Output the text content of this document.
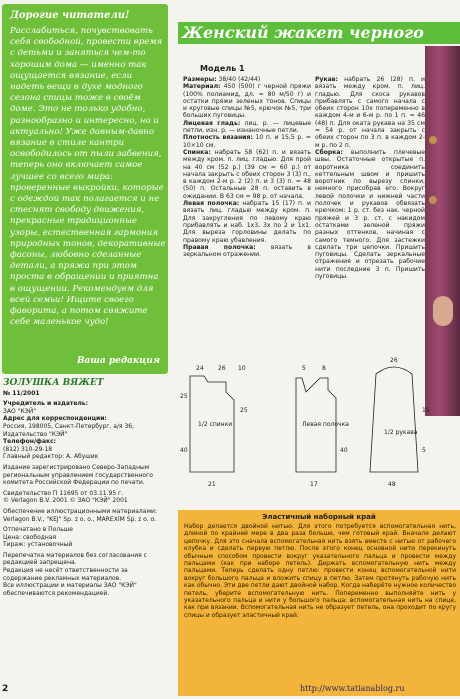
Дорогие читатели!
Расслабиться, почувствовать себя свободной, провести время с детьми и заняться чем-то хорошим дома — именно так ощущается вязание, если надеть вещи в духе модного сезона спицы тоже в своём доме. Это не только удобно, разнообразно и интересно, но и актуально! Уже давным-давно вязание в стиле кантри освободилось от пыли забвения, теперь оно включает самое лучшее со всего мира: проверенные выкройки, которые с одеждой так полагается и не стеснят свободу движения, прекрасные традиционные узоры, естественная гармония природных тонов, декоративные фасоны, любовно сделанные детали, а пряжа при этом проста в обращении и приятна в ощущении. Рекомендуем для всей семьи! Ищите своего фаворита, а потом свяжите себе маленькое чудо!
Ваша редакция
ЗОЛУШКА ВЯЖЕТ
№ 11/2001
Учредитель и издатель:
ЗАО "КЭЙ"
Адрес для корреспонденции:
Россия, 198005, Санкт-Петербург, а/я 36, Издательство "КЭЙ"
Телефон/факс:
(812) 310-29-18
Главный редактор: А. Абушик
Издание зарегистрировано Северо-Западным региональным управлением государственного комитета Российской Федерации по печати.
Свидетельство П 11695 от 03.11.95 г.
© Verlagon B.V. 2001 © ЗАО "КЭЙ" 2001
Обеспечение иллюстрационными материалами: Verlagon B.V., "KEJ" Sp. z o. o., MAREXIM Sp. z o. o.
Отпечатано в Польше
Цена: свободная
Тираж: установочный
Перепечатка материалов без согласования с редакцией запрещена.
Редакция не несёт ответственности за содержание рекламных материалов.
Все иллюстрации и материалы ЗАО "КЭЙ" обеспечиваются рекомендацией.
2
Женский жакет черного
Модель 1

Размеры: 38/40 (42/44)

Материал: 450 (500) г черной пряжи (100% полиамид, дл. = 80 м/50 г) и остатки пряжи зеленых тонов. Спицы и круговые спицы №5, крючок №5, три больших пуговицы.

Лицевая гладь: лиц. р. — лицевые петли, изн. р. — изнаночные петли.

Плотность вязания: 10 п. и 15,5 р. = 10×10 см.

Спинка: набрать 58 (62) п. и вязать между кром. п. лиц. гладью. Для прой на 40 см (52 р.) (39 см = 60 р.) от начала закрыть с обеих сторон 3 (3) п., в каждом 2-м р. 2 (2) п. и 3 (3) п. = 48 (50) п. Остальные 28 п. оставить в ожидании. В 63 см = 98 р. от начала.

Левая полочка: набрать 15 (17) п. и вязать лиц. гладью между кром. п. Для закругления по левому краю прибавлять и наб. 1х3, 3х по 2 и 1х1. Для выреза горловины делать по правому краю убавления.

Правая полочка: вязать в зеркальном отражении.

Рукав: набрать 26 (28) п. и вязать между кром. п. лиц. гладью. Для скоса рукавов прибавлять с самого начала с обеих сторон 10х попеременно в каждом 4-м и 6-м р. по 1 п. = 46 (48) п. Для оката рукава на 35 см = 54 р. от начала закрыть с обеих сторон по 3 п. в каждом 2-м р. по 2 п.

Сборка: выполнить плечевые швы. Остаточные открытые п. воротника соединить кеттельным швом и пришить воротник по вырезу спинки, немного присобрав его. Вокруг левой полочки и нижней части полочек и рукавов обвязать крючком: 1 р. ст. без нак. черной пряжей и 3 р. ст. с накидом остатками зеленой пряжи разных оттенков, начиная с самого темного. Для застежки сделать три цепочки. Пришить пуговицы. Сделать зеркальные отражения и отрезать рабочие нити последние 3 п. Пришить пуговицы.

1/2 спинки	Левая полочка
1/2 рукава
24 26 10
25
25
40
5	8
17
40
26
15
5
48
21
Эластичный наборный край
Набор делается двойной нитью. Для этого потребуется вспомогательная нить, длиной по крайней мере в два раза больше, чем готовый край. Вначале делают цепочку. Для это сначала вспомогательная нить взять вместе с нитью от рабочего клубка и сделать первую петлю. После этого конец основной нити перекинуть обычным способом провести вокруг указательного пальца и провести между пальцами (как при наборе петель). Держать вспомогательную нить между пальцами. Теперь сделать одну петлю: провести конец вспомогательной нити вокруг большого пальца и вложить спицу в петлю. Затем протянуть рабочую нить как обычно. Эти две петли дают двойной набор. Когда наберёте нужное количество петель, уберите вспомогательную нить. Попеременно выполняйте нить у указательного пальца и нити у большого пальца: вспомогательная нить на спице, как при вязании. Вспомогательная нить не образует петель, она проходит по кругу спицы и образует эластичный край.
http://www.tatianablog.ru
